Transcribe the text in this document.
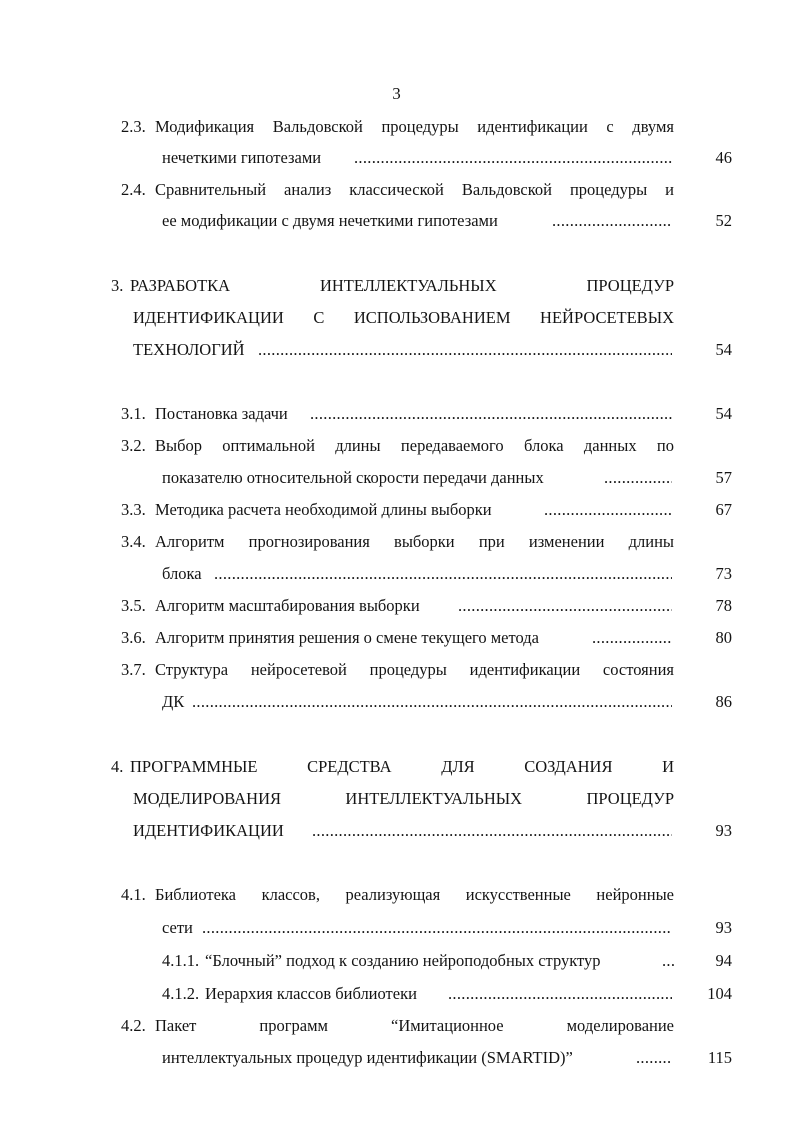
3
2.3. Модификация Вальдовской процедуры идентификации с двумя
нечеткими гипотезами .....	46
2.4. Сравнительный анализ классической Вальдовской процедуры и
ее модификации с двумя нечеткими гипотезами .....	52
3. РАЗРАБОТКА ИНТЕЛЛЕКТУАЛЬНЫХ ПРОЦЕДУР
ИДЕНТИФИКАЦИИ С ИСПОЛЬЗОВАНИЕМ НЕЙРОСЕТЕВЫХ
ТЕХНОЛОГИЙ .....	54
3.1. Постановка задачи .....	54
3.2. Выбор оптимальной длины передаваемого блока данных по
показателю относительной скорости передачи данных .....	57
3.3. Методика расчета необходимой длины выборки .....	67
3.4. Алгоритм прогнозирования выборки при изменении длины
блока .....	73
3.5. Алгоритм масштабирования выборки .....	78
3.6. Алгоритм принятия решения о смене текущего метода .....	80
3.7. Структура нейросетевой процедуры идентификации состояния
ДК .....	86
4. ПРОГРАММНЫЕ СРЕДСТВА ДЛЯ СОЗДАНИЯ И
МОДЕЛИРОВАНИЯ ИНТЕЛЛЕКТУАЛЬНЫХ ПРОЦЕДУР
ИДЕНТИФИКАЦИИ .....	93
4.1. Библиотека классов, реализующая искусственные нейронные
сети .....	93
4.1.1. “Блочный” подход к созданию нейроподобных структур .....	94
4.1.2. Иерархия классов библиотеки .....	104
4.2. Пакет программ “Имитационное моделирование
интеллектуальных процедур идентификации (SMARTID)” .....	115
